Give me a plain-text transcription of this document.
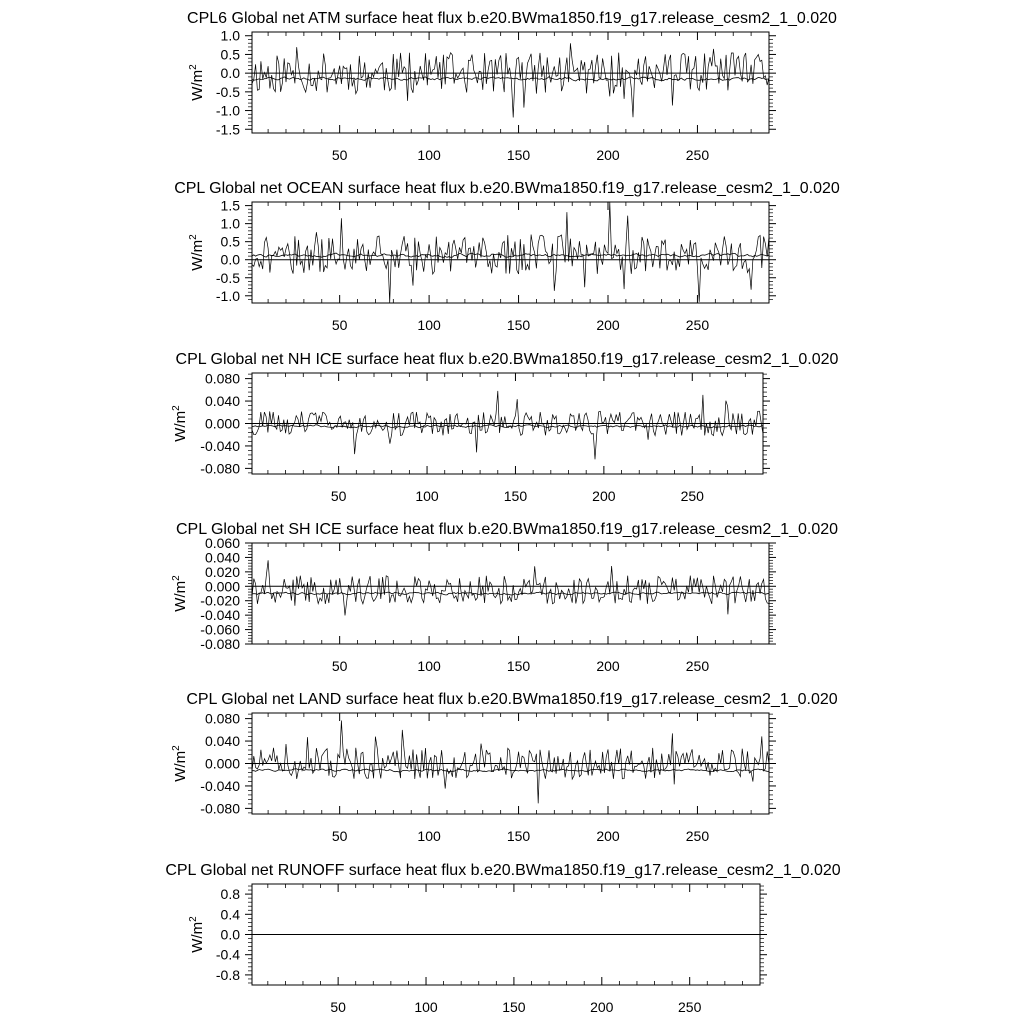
CPL6 Global net ATM surface heat flux b.e20.BWma1850.f19_g17.release_cesm2_1_0.020
50	100	150	200	250
-1.5
-1.0
-0.5
0.0
0.5
1.0
$W/m^2$
CPL Global net OCEAN surface heat flux b.e20.BWma1850.f19_g17.release_cesm2_1_0.020
50	100	150	200	250
-1.0
-0.5
0.0
0.5
1.0
1.5
$W/m^2$
CPL Global net NH ICE surface heat flux b.e20.BWma1850.f19_g17.release_cesm2_1_0.020
50	100	150	200	250
-0.080
-0.040
0.000
0.040
0.080
$W/m^2$
CPL Global net SH ICE surface heat flux b.e20.BWma1850.f19_g17.release_cesm2_1_0.020
50	100	150	200	250
-0.080
-0.060
-0.040
-0.020
0.000
0.020
0.040
0.060
$W/m^2$
CPL Global net LAND surface heat flux b.e20.BWma1850.f19_g17.release_cesm2_1_0.020
50	100	150	200	250
-0.080
-0.040
0.000
0.040
0.080
$W/m^2$
CPL Global net RUNOFF surface heat flux b.e20.BWma1850.f19_g17.release_cesm2_1_0.020
50	100	150	200	250
-0.8
-0.4
0.0
0.4
0.8
$W/m^2$
